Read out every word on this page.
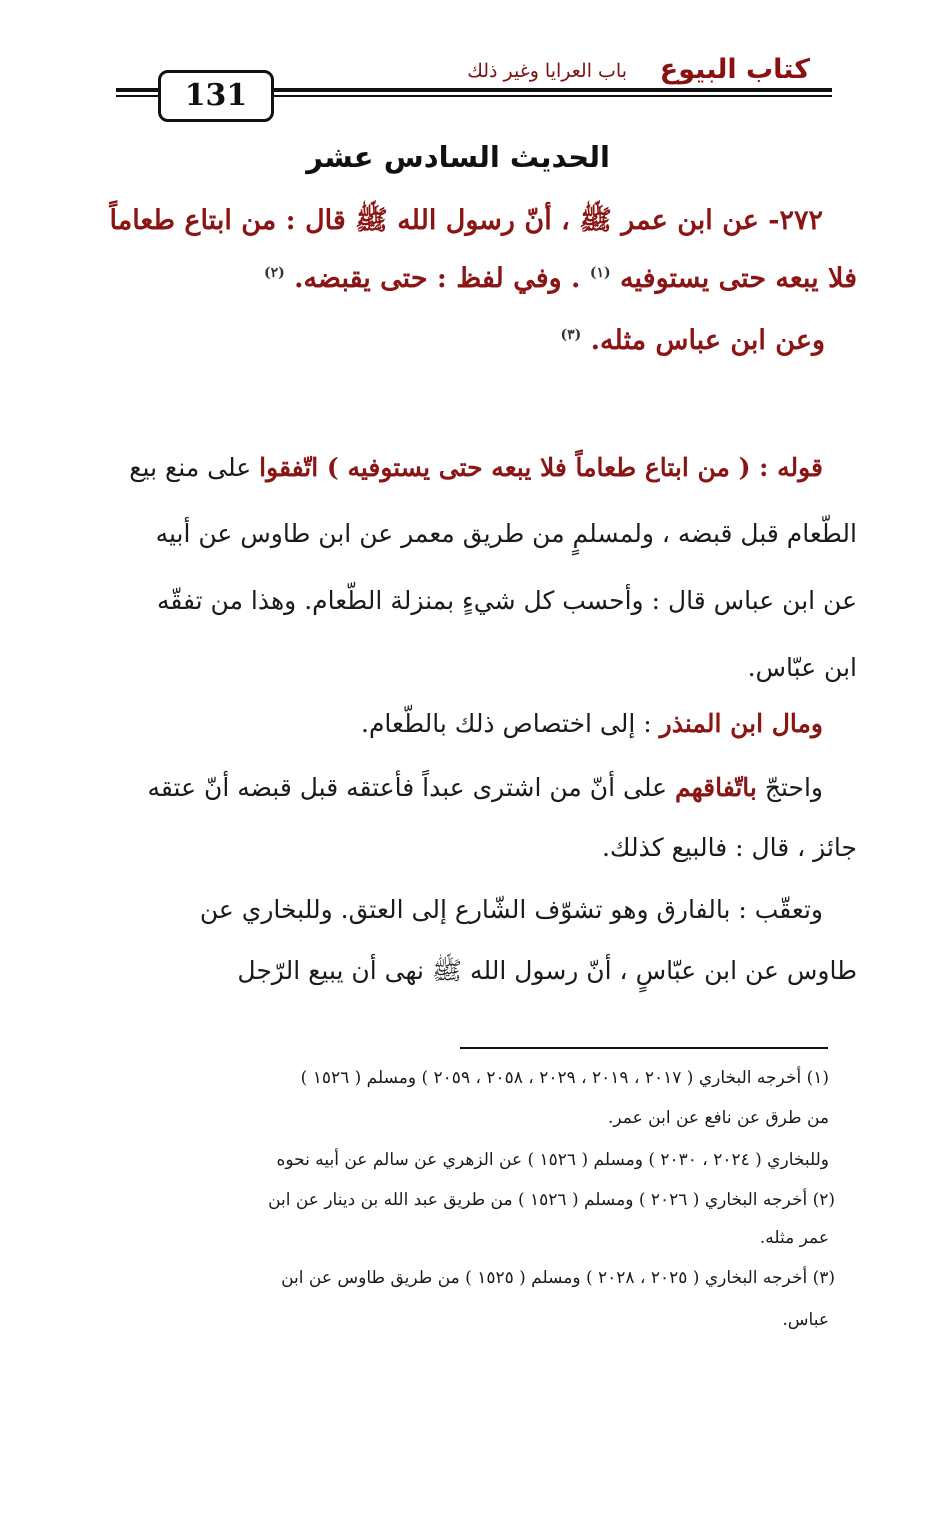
كتاب البيوع
باب العرايا وغير ذلك
131
الحديث السادس عشر
٢٧٢- عن ابن عمر ﷺ ، أنّ رسول الله ﷺ قال : من ابتاع طعاماً
فلا يبعه حتى يستوفيه $^{(١)}$ . وفي لفظ : حتى يقبضه. $^{(٢)}$
وعن ابن عباس مثله. $^{(٣)}$
قوله : ( من ابتاع طعاماً فلا يبعه حتى يستوفيه ) اتّفقوا على منع بيع
الطّعام قبل قبضه ، ولمسلمٍ من طريق معمر عن ابن طاوس عن أبيه
عن ابن عباس قال : وأحسب كل شيءٍ بمنزلة الطّعام. وهذا من تفقّه
ابن عبّاس.
ومال ابن المنذر : إلى اختصاص ذلك بالطّعام.
واحتجّ باتّفاقهم على أنّ من اشترى عبداً فأعتقه قبل قبضه أنّ عتقه
جائز ، قال : فالبيع كذلك.
وتعقّب : بالفارق وهو تشوّف الشّارع إلى العتق. وللبخاري عن
طاوس عن ابن عبّاسٍ ، أنّ رسول الله ﷺ نهى أن يبيع الرّجل
(١) أخرجه البخاري ( ٢٠١٧ ، ٢٠١٩ ، ٢٠٢٩ ، ٢٠٥٨ ، ٢٠٥٩ ) ومسلم ( ١٥٢٦ )
من طرق عن نافع عن ابن عمر.
وللبخاري ( ٢٠٢٤ ، ٢٠٣٠ ) ومسلم ( ١٥٢٦ ) عن الزهري عن سالم عن أبيه نحوه
(٢) أخرجه البخاري ( ٢٠٢٦ ) ومسلم ( ١٥٢٦ ) من طريق عبد الله بن دينار عن ابن
عمر مثله.
(٣) أخرجه البخاري ( ٢٠٢٥ ، ٢٠٢٨ ) ومسلم ( ١٥٢٥ ) من طريق طاوس عن ابن
عباس.
